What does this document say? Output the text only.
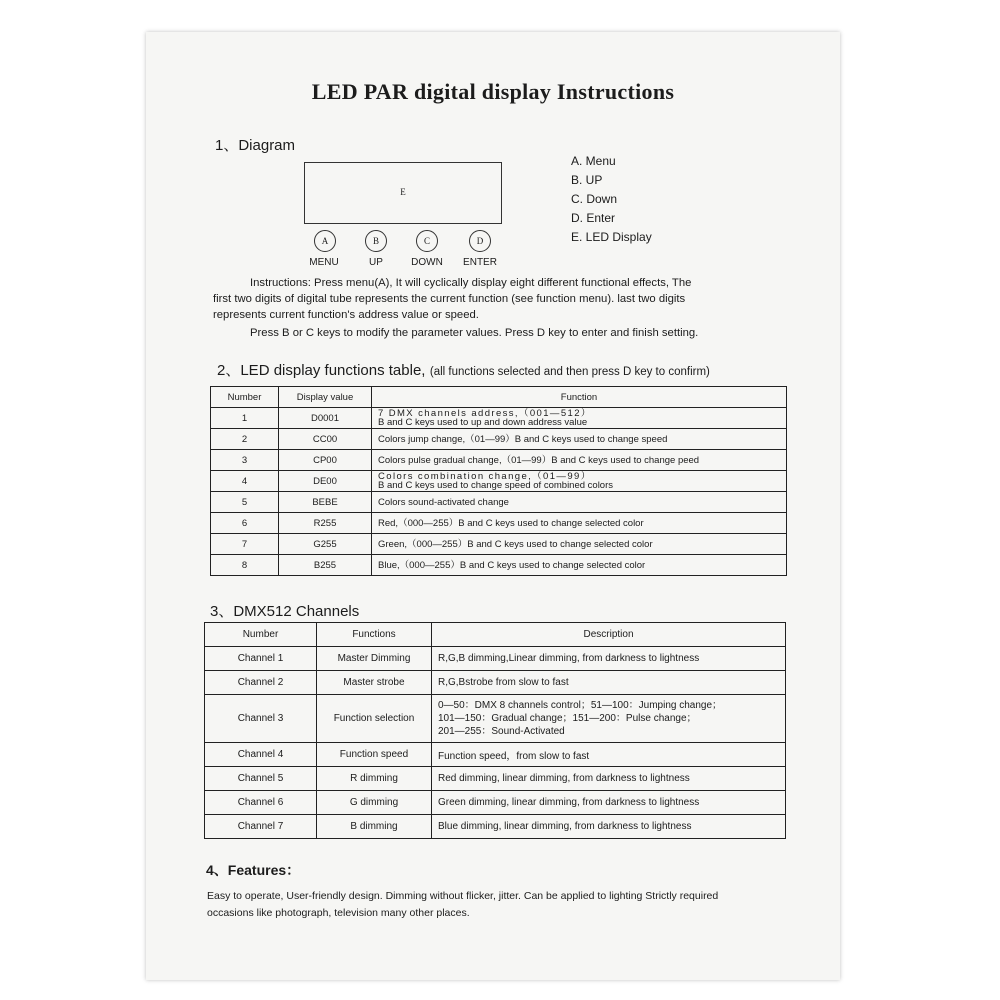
LED PAR digital display Instructions
1、Diagram
E
A	B	C	D
MENU	UP	DOWN	ENTER
A. Menu
B. UP
C. Down
D. Enter
E. LED Display
Instructions: Press menu(A), It will cyclically display eight different functional effects, The
first two digits of digital tube represents the current function (see function menu). last two digits
represents current function's address value or speed.
Press B or C keys to modify the parameter values. Press D key to enter and finish setting.
2、LED display functions table, (all functions selected and then press D key to confirm)
Number	Display value	Function
1	D0001	7 DMX channels address,（001—512）
B and C keys used to up and down address value

2	CC00	Colors jump change,（01—99）B and C keys used to change speed
3	CP00	Colors pulse gradual change,（01—99）B and C keys used to change peed
4	DE00	Colors combination change,（01—99）
B and C keys used to change speed of combined colors

5	BEBE	Colors sound-activated change
6	R255	Red,（000—255）B and C keys used to change selected color
7	G255	Green,（000—255）B and C keys used to change selected color
8	B255	Blue,（000—255）B and C keys used to change selected color
3、DMX512 Channels
Number	Functions	Description
Channel 1	Master Dimming	R,G,B dimming,Linear dimming, from darkness to lightness
Channel 2	Master strobe	R,G,Bstrobe from slow to fast
Channel 3	Function selection	0—50：DMX 8 channels control；51—100：Jumping change；
101—150：Gradual change；151—200：Pulse change；
201—255：Sound-Activated

Channel 4	Function speed	Function speed，from slow to fast
Channel 5	R dimming	Red dimming, linear dimming, from darkness to lightness
Channel 6	G dimming	Green dimming, linear dimming, from darkness to lightness
Channel 7	B dimming	Blue dimming, linear dimming, from darkness to lightness
4、Features：
Easy to operate, User-friendly design. Dimming without flicker, jitter. Can be applied to lighting Strictly required
occasions like photograph, television many other places.
